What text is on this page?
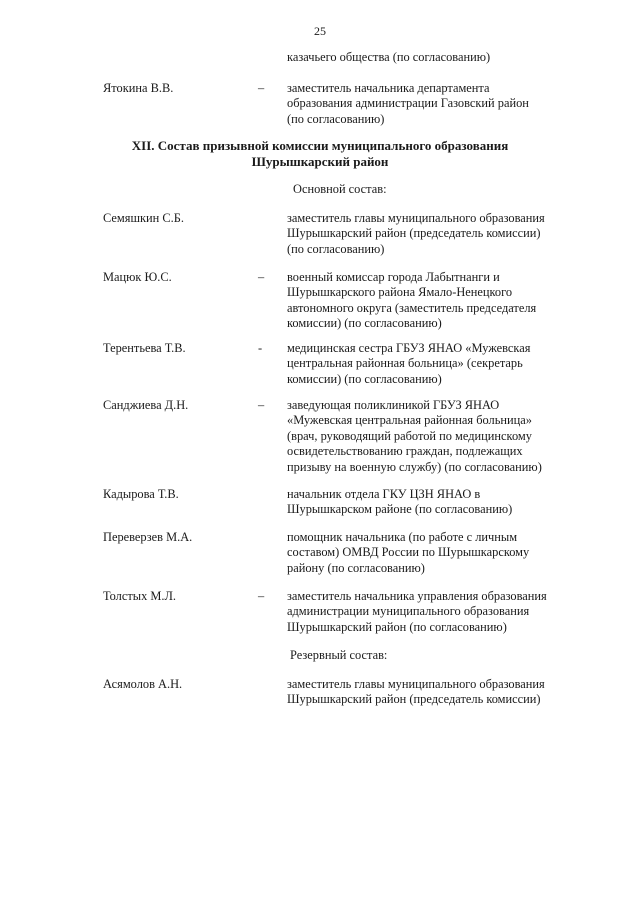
25
казачьего общества (по согласованию)
Ятокина В.В.	– заместитель начальника департамента
образования администрации Газовский район
(по согласованию)
XII. Состав призывной комиссии муниципального образования
Шурышкарский район
Основной состав:
Семяшкин С.Б.	заместитель главы муниципального образования
Шурышкарский район (председатель комиссии)
(по согласованию)
Мацюк Ю.С.	– военный комиссар города Лабытнанги и
Шурышкарского района Ямало-Ненецкого
автономного округа (заместитель председателя
комиссии) (по согласованию)
Терентьева Т.В.	- медицинская сестра ГБУЗ ЯНАО «Мужевская
центральная районная больница» (секретарь
комиссии) (по согласованию)
Санджиева Д.Н.	– заведующая поликлиникой ГБУЗ ЯНАО
«Мужевская центральная районная больница»
(врач, руководящий работой по медицинскому
освидетельствованию граждан, подлежащих
призыву на военную службу) (по согласованию)
Кадырова Т.В.	начальник отдела ГКУ ЦЗН ЯНАО в
Шурышкарском районе (по согласованию)
Переверзев М.А.	помощник начальника (по работе с личным
составом) ОМВД России по Шурышкарскому
району (по согласованию)
Толстых М.Л.	– заместитель начальника управления образования
администрации муниципального образования
Шурышкарский район (по согласованию)
Резервный состав:
Асямолов А.Н.	заместитель главы муниципального образования
Шурышкарский район (председатель комиссии)
